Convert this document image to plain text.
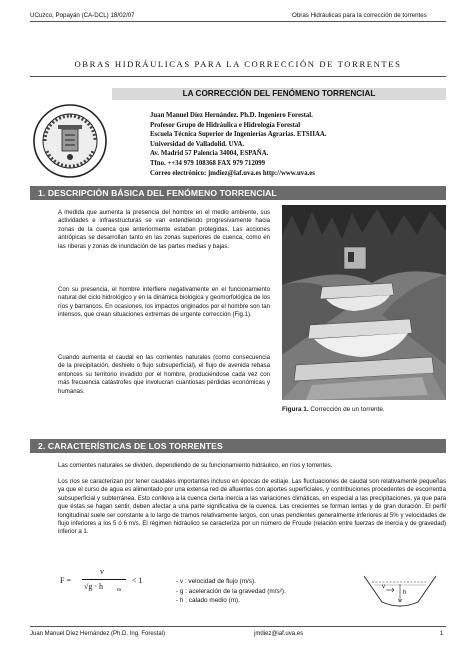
UCuzco, Popayán (CA-DCL) 18/02/07	Obras Hidráulicas para la corrección de torrentes
OBRAS HIDRÁULICAS PARA LA CORRECCIÓN DE TORRENTES
LA CORRECCIÓN DEL FENÓMENO TORRENCIAL
Juan Manuel Díez Hernández. Ph.D. Ingeniero Forestal.
Profesor Grupo de Hidráulica e Hidrología Forestal
Escuela Técnica Superior de Ingenierías Agrarias. ETSIIAA.
Universidad de Valladolid. UVA.
Av. Madrid 57 Palencia 34004, ESPAÑA.
Tfno. ++34 979 108368 FAX 979 712099
Correo electrónico: jmdiez@iaf.uva.es http://www.uva.es
1. DESCRIPCIÓN BÁSICA DEL FENÓMENO TORRENCIAL
A medida que aumenta la presencia del hombre en el medio ambiente, sus actividades e infraestructuras se van extendiendo progresivamente hacia zonas de la cuenca que anteriormente estaban protegidas. Las acciones antrópicas se desarrollan tanto en las zonas superiores de cuenca, como en las riberas y zonas de inundación de las partes medias y bajas.
Con su presencia, el hombre interfiere negativamente en el funcionamiento natural del ciclo hidrológico y en la dinámica biológica y geomorfológica de los ríos y barrancos. En ocasiones, los impactos originados por el hombre son tan intensos, que crean situaciones extremas de urgente corrección (Fig.1).
Cuando aumenta el caudal en las corrientes naturales (como consecuencia de la precipitación, deshielo o flujo subsuperficial), el flujo de avenida rebasa entonces su territorio invadido por el hombre, produciéndose cada vez con más frecuencia catástrofes que involucran cuantiosas pérdidas económicas y humanas.
Figura 1. Corrección de un torrente.
2. CARACTERÍSTICAS DE LOS TORRENTES
Las corrientes naturales se dividen, dependiendo de su funcionamiento hidráulico, en ríos y torrentes.
Los ríos se caracterizan por tener caudales importantes incluso en épocas de estiaje. Las fluctuaciones de caudal son relativamente pequeñas ya que el curso de agua es alimentado por una extensa red de afluentes con aportes superficiales, y contribuciones procedentes de escorrentía subsuperficial y subterránea. Esto conlleva a la cuenca cierta inercia a las variaciones climáticas, en especial a las precipitaciones, ya que para que éstas se hagan sentir, deben afectar a una parte significativa de la cuenca. Las crecientes se forman lentas y de gran duración. El perfil longitudinal suele ser constante a lo largo de tramos relativamente largos, con unas pendientes generalmente inferiores al 5% y velocidades de flujo inferiores a los 5 ó 6 m/s. El régimen hidráulico se caracteriza por un número de Froude (relación entre fuerzas de inercia y de gravedad) inferior a 1.
F =
v
√g · h	m
< 1	- v : velocidad de flujo (m/s).
- g : aceleración de la gravedad (m/s²).
- h : calado medio (m).
v
h
Juan Manuel Díez Hernández (Ph.D. Ing. Forestal)	jmdiez@iaf.uva.es	1
